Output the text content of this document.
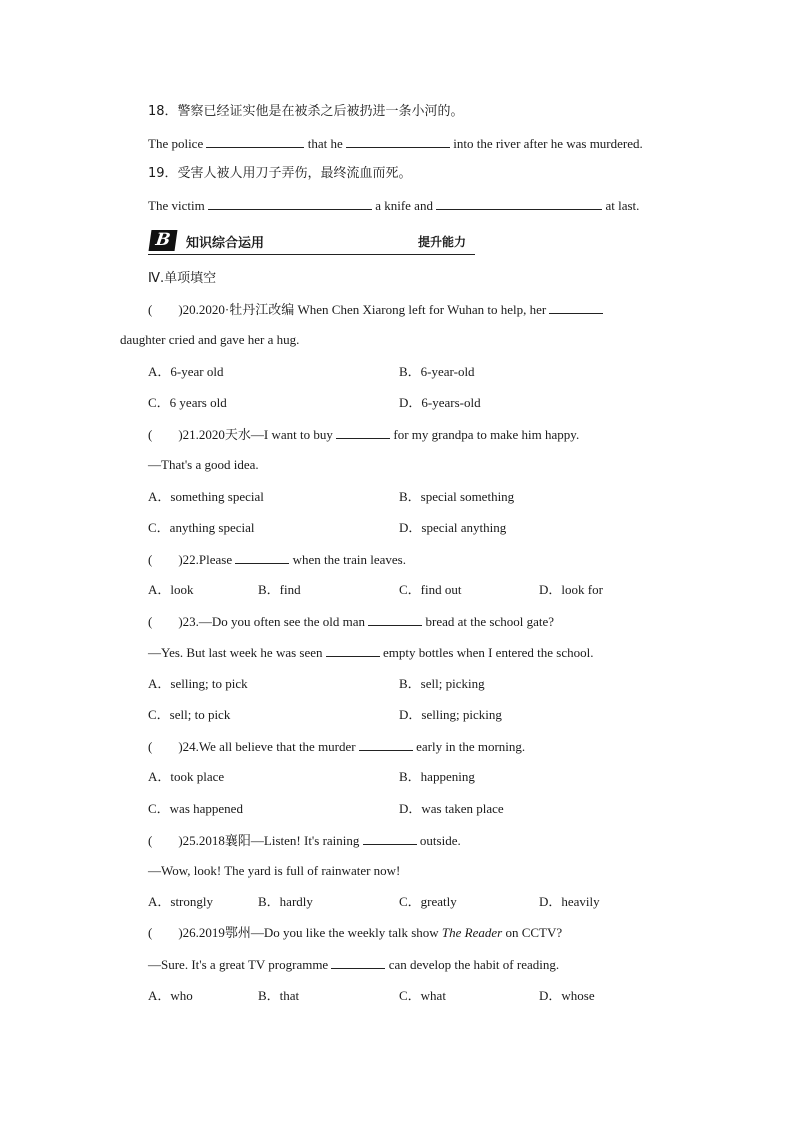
18．警察已经证实他是在被杀之后被扔进一条小河的。
The police	that he	into the river after he was murdered.
19．受害人被人用刀子弄伤，最终流血而死。
The victim	a knife and	at last.
B	知识综合运用	提升能力
Ⅳ.单项填空
(　　)20.2020·牡丹江改编 When Chen Xiarong left for Wuhan to help, her
daughter cried and gave her a hug.
A．6-year old	B．6-year-old
C．6 years old	D．6-years-old
(　　)21.2020天水—I want to buy	for my grandpa to make him happy.
—That's a good idea.
A．something special	B．special something
C．anything special	D．special anything
(　　)22.Please	when the train leaves.
A．look	B．find	C．find out	D．look for
(　　)23.—Do you often see the old man	bread at the school gate?
—Yes. But last week he was seen	empty bottles when I entered the school.
A．selling; to pick	B．sell; picking
C．sell; to pick	D．selling; picking
(　　)24.We all believe that the murder	early in the morning.
A．took place	B．happening
C．was happened	D．was taken place
(　　)25.2018襄阳—Listen! It's raining	outside.
—Wow, look! The yard is full of rainwater now!
A．strongly	B．hardly	C．greatly	D．heavily
(　　)26.2019鄂州—Do you like the weekly talk show The Reader on CCTV?
—Sure. It's a great TV programme	can develop the habit of reading.
A．who	B．that	C．what	D．whose
